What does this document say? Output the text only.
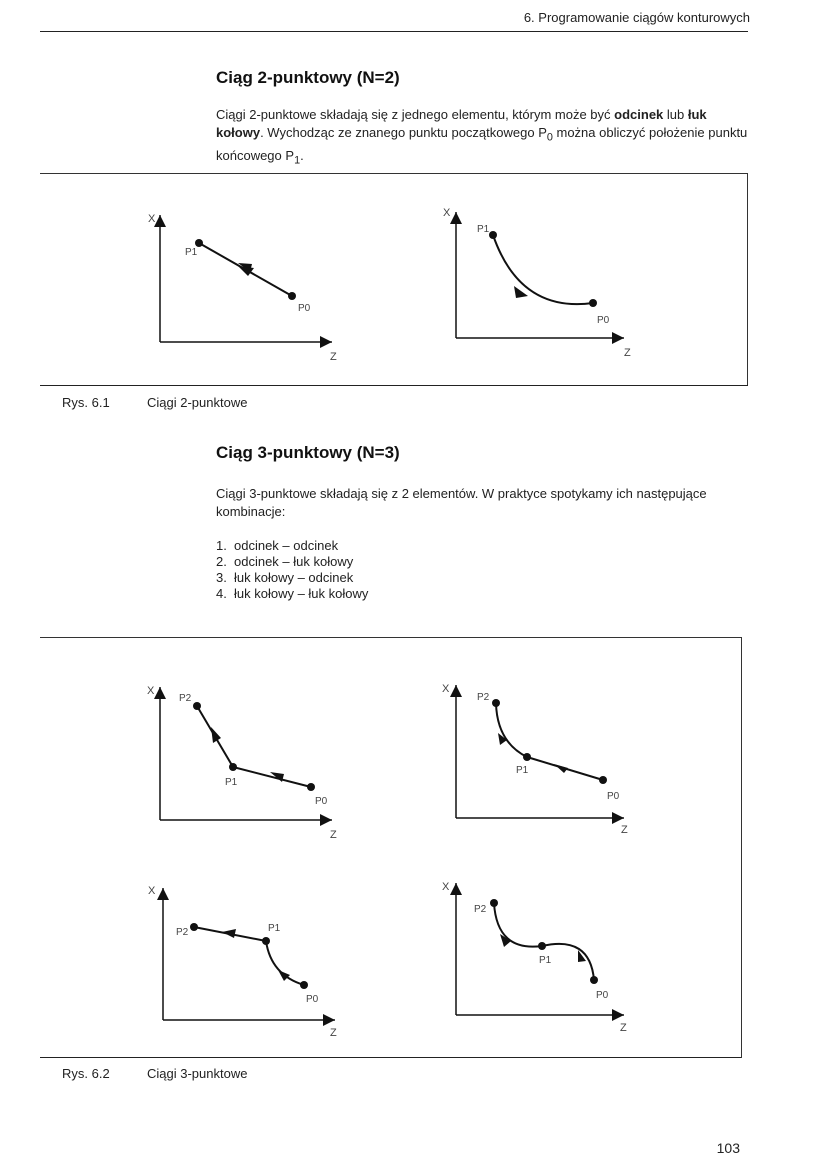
6. Programowanie ciągów konturowych
Ciąg 2-punktowy (N=2)
Ciągi 2-punktowe składają się z jednego elementu, którym może być odcinek lub łuk kołowy. Wychodząc ze znanego punktu początkowego $P_0$ można obliczyć położenie punktu końcowego $P_1$.
X
Z
P1
P0
X
Z
P1
P0
Rys. 6.1	Ciągi 2-punktowe
Ciąg 3-punktowy (N=3)
Ciągi 3-punktowe składają się z 2 elementów. W praktyce spotykamy ich następujące kombinacje:
1. odcinek – odcinek
2. odcinek – łuk kołowy
3. łuk kołowy – odcinek
4. łuk kołowy – łuk kołowy
X
Z
P2
P1
P0
X
Z
P2
P1
P0
X
Z
P2	P1
P0
X
Z
P2
P1
P0
Rys. 6.2	Ciągi 3-punktowe
103
